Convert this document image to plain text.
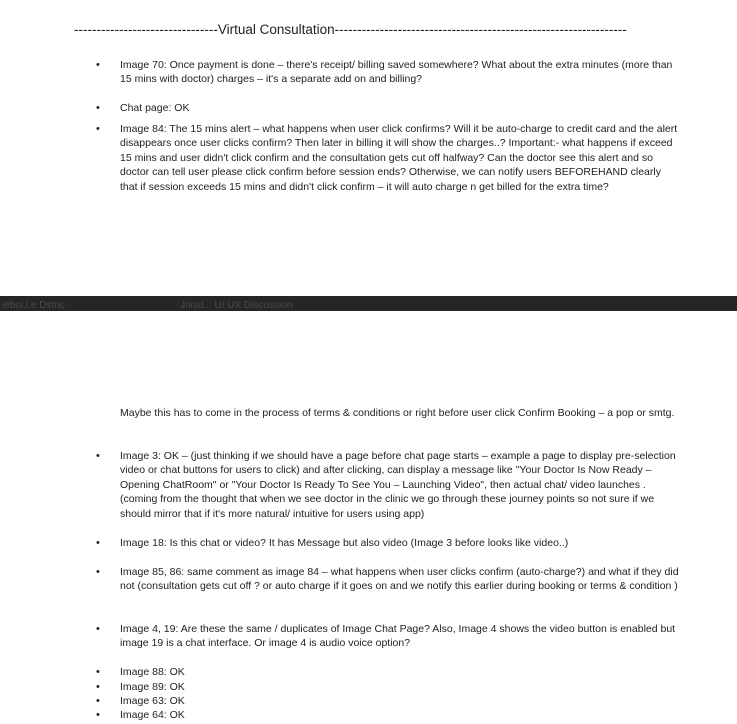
--------------------------------Virtual Consultation-----------------------------------------------------------------
• Image 70: Once payment is done – there's receipt/ billing saved somewhere? What about the extra minutes (more than 15 mins with doctor) charges – it's a separate add on and billing?
• Chat page: OK
• Image 84: The 15 mins alert – what happens when user click confirms? Will it be auto-charge to credit card and the alert disappears once user clicks confirm? Then later in billing it will show the charges..? Important:- what happens if exceed 15 mins and user didn't click confirm and the consultation gets cut off halfway? Can the doctor see this alert and so doctor can tell user please click confirm before session ends? Otherwise, we can notify users BEFOREHAND clearly that if session exceeds 15 mins and didn't click confirm – it will auto charge n get billed for the extra time?
ieboi.i.e Dstric	Jnisd... UI UX Discussion
Maybe this has to come in the process of terms & conditions or right before user click Confirm Booking – a pop or smtg.
• Image 3: OK – (just thinking if we should have a page before chat page starts – example a page to display pre-selection video or chat buttons for users to click) and after clicking, can display a message like "Your Doctor Is Now Ready – Opening ChatRoom" or "Your Doctor Is Ready To See You – Launching Video", then actual chat/ video launches . (coming from the thought that when we see doctor in the clinic we go through these journey points so not sure if we should mirror that if it's more natural/ intuitive for users using app)
• Image 18: Is this chat or video? It has Message but also video (Image 3 before looks like video..)
• Image 85, 86: same comment as image 84 – what happens when user clicks confirm (auto-charge?) and what if they did not (consultation gets cut off ? or auto charge if it goes on and we notify this earlier during booking or terms & condition )
• Image 4, 19: Are these the same / duplicates of Image Chat Page? Also, Image 4 shows the video button is enabled but image 19 is a chat interface. Or image 4 is audio voice option?
• Image 88: OK
• Image 89: OK
• Image 63: OK
• Image 64: OK
